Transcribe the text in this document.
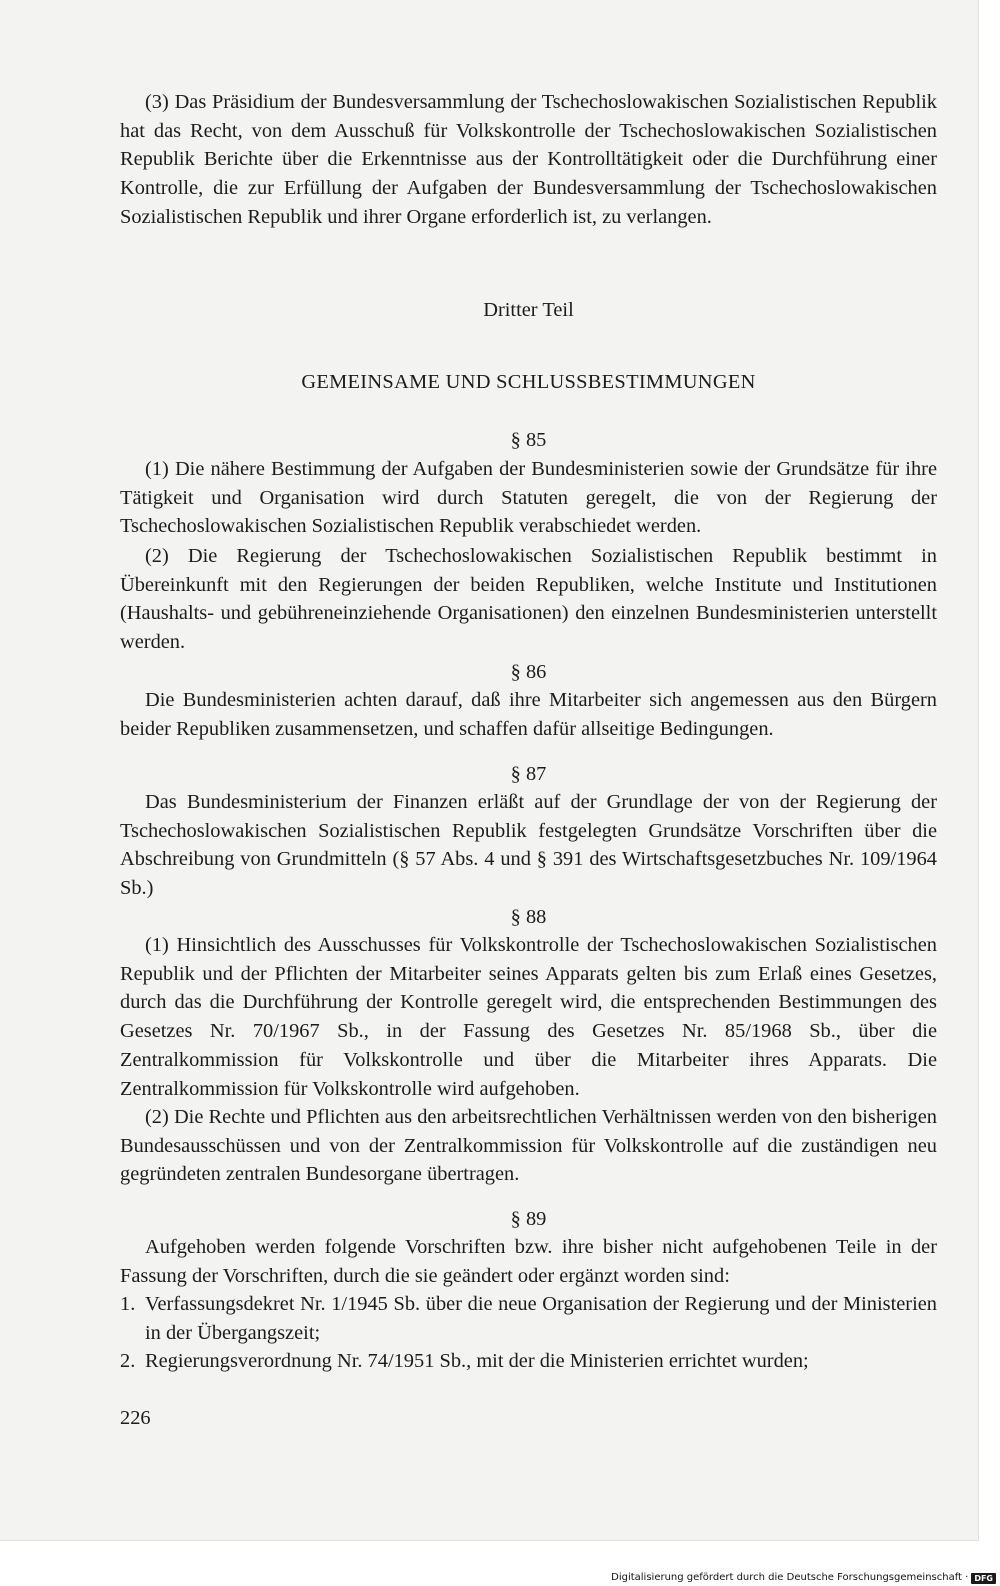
(3) Das Präsidium der Bundesversammlung der Tschechoslowakischen Sozialistischen Republik hat das Recht, von dem Ausschuß für Volkskontrolle der Tschechoslowakischen Sozialistischen Republik Berichte über die Erkenntnisse aus der Kontrolltätigkeit oder die Durchführung einer Kontrolle, die zur Erfüllung der Aufgaben der Bundesversammlung der Tschechoslowakischen Sozialistischen Republik und ihrer Organe erforderlich ist, zu verlangen.

Dritter Teil

GEMEINSAME UND SCHLUSSBESTIMMUNGEN

§ 85

(1) Die nähere Bestimmung der Aufgaben der Bundesministerien sowie der Grundsätze für ihre Tätigkeit und Organisation wird durch Statuten geregelt, die von der Regierung der Tschechoslowakischen Sozialistischen Republik verabschiedet werden.

(2) Die Regierung der Tschechoslowakischen Sozialistischen Republik bestimmt in Übereinkunft mit den Regierungen der beiden Republiken, welche Institute und Institutionen (Haushalts- und gebühreneinziehende Organisationen) den einzelnen Bundesministerien unterstellt werden.

§ 86

Die Bundesministerien achten darauf, daß ihre Mitarbeiter sich angemessen aus den Bürgern beider Republiken zusammensetzen, und schaffen dafür allseitige Bedingungen.

§ 87

Das Bundesministerium der Finanzen erläßt auf der Grundlage der von der Regierung der Tschechoslowakischen Sozialistischen Republik festgelegten Grundsätze Vorschriften über die Abschreibung von Grundmitteln (§ 57 Abs. 4 und § 391 des Wirtschaftsgesetzbuches Nr. 109/1964 Sb.)

§ 88

(1) Hinsichtlich des Ausschusses für Volkskontrolle der Tschechoslowakischen Sozialistischen Republik und der Pflichten der Mitarbeiter seines Apparats gelten bis zum Erlaß eines Gesetzes, durch das die Durchführung der Kontrolle geregelt wird, die entsprechenden Bestimmungen des Gesetzes Nr. 70/1967 Sb., in der Fassung des Gesetzes Nr. 85/1968 Sb., über die Zentralkommission für Volkskontrolle und über die Mitarbeiter ihres Apparats. Die Zentralkommission für Volkskontrolle wird aufgehoben.

(2) Die Rechte und Pflichten aus den arbeitsrechtlichen Verhältnissen werden von den bisherigen Bundesausschüssen und von der Zentralkommission für Volkskontrolle auf die zuständigen neu gegründeten zentralen Bundesorgane übertragen.

§ 89

Aufgehoben werden folgende Vorschriften bzw. ihre bisher nicht aufgehobenen Teile in der Fassung der Vorschriften, durch die sie geändert oder ergänzt worden sind:

1. Verfassungsdekret Nr. 1/1945 Sb. über die neue Organisation der Regierung und der Ministerien in der Übergangszeit;
2. Regierungsverordnung Nr. 74/1951 Sb., mit der die Ministerien errichtet wurden;
226
Digitalisierung gefördert durch die Deutsche Forschungsgemeinschaft · DFG
